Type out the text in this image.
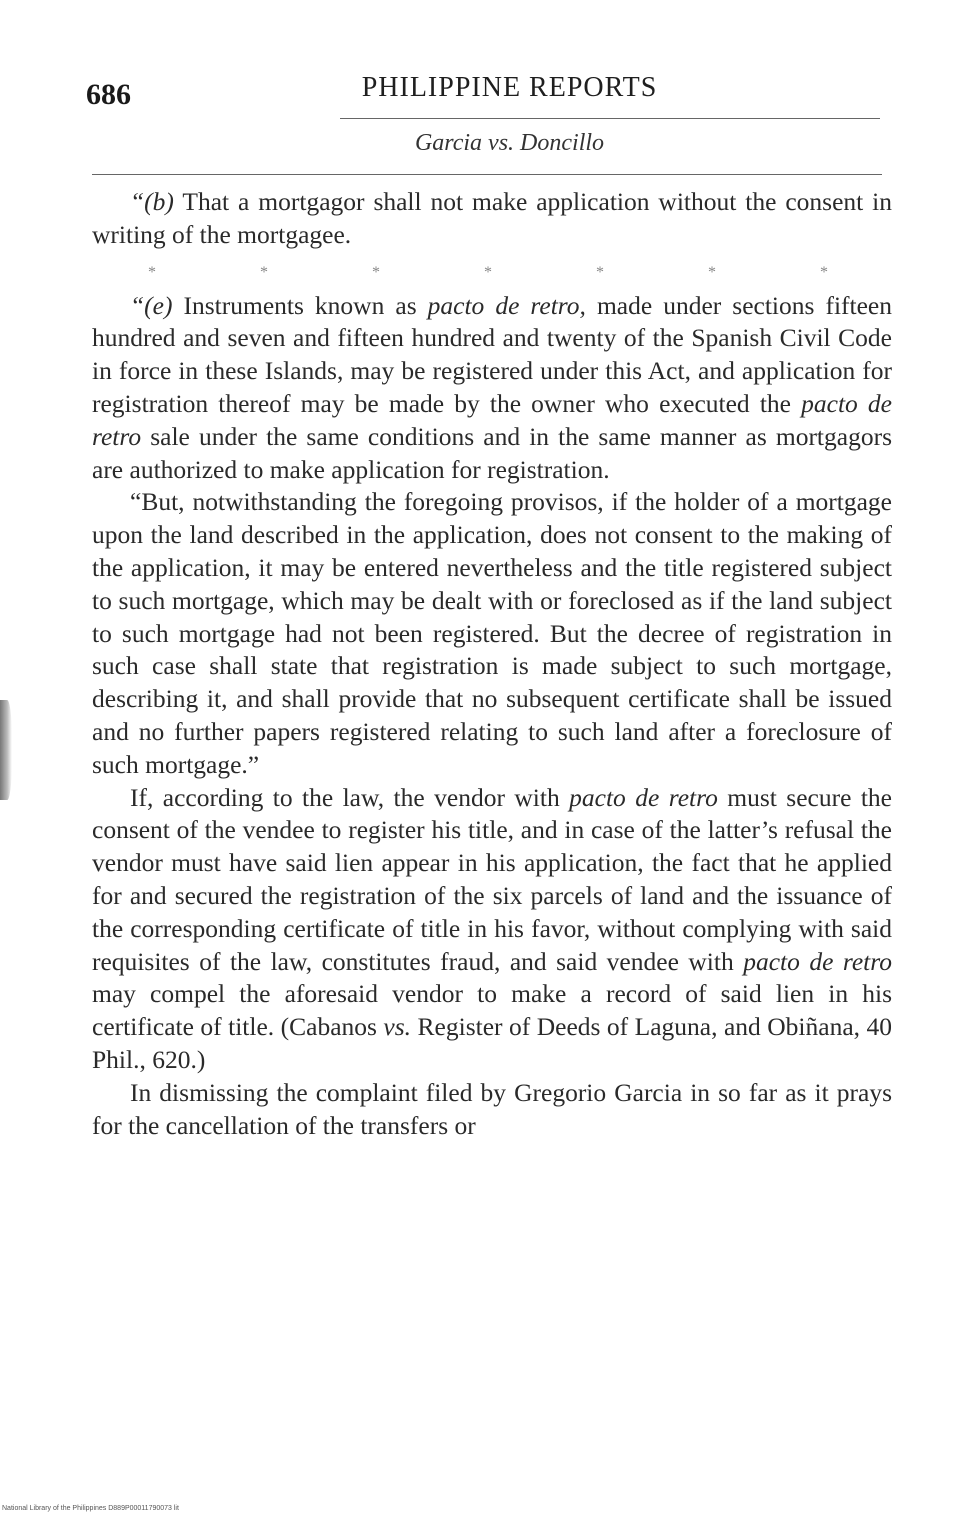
686	PHILIPPINE REPORTS
Garcia vs. Doncillo

“(b) That a mortgagor shall not make application without the consent in writing of the mortgagee.

*	*	*	*	*	*	*

“(e) Instruments known as pacto de retro, made under sections fifteen hundred and seven and fifteen hundred and twenty of the Spanish Civil Code in force in these Islands, may be registered under this Act, and application for registration thereof may be made by the owner who executed the pacto de retro sale under the same conditions and in the same manner as mortgagors are authorized to make application for registration.

“But, notwithstanding the foregoing provisos, if the holder of a mortgage upon the land described in the application, does not consent to the making of the application, it may be entered nevertheless and the title registered subject to such mortgage, which may be dealt with or foreclosed as if the land subject to such mortgage had not been registered. But the decree of registration in such case shall state that registration is made subject to such mortgage, describing it, and shall provide that no subsequent certificate shall be issued and no further papers registered relating to such land after a foreclosure of such mortgage.”

If, according to the law, the vendor with pacto de retro must secure the consent of the vendee to register his title, and in case of the latter’s refusal the vendor must have said lien appear in his application, the fact that he applied for and secured the registration of the six parcels of land and the issuance of the corresponding certificate of title in his favor, without complying with said requisites of the law, constitutes fraud, and said vendee with pacto de retro may compel the aforesaid vendor to make a record of said lien in his certificate of title. (Cabanos vs. Register of Deeds of Laguna, and Obiñana, 40 Phil., 620.)

In dismissing the complaint filed by Gregorio Garcia in so far as it prays for the cancellation of the transfers or

National Library of the Philippines D889P00011790073 lit
